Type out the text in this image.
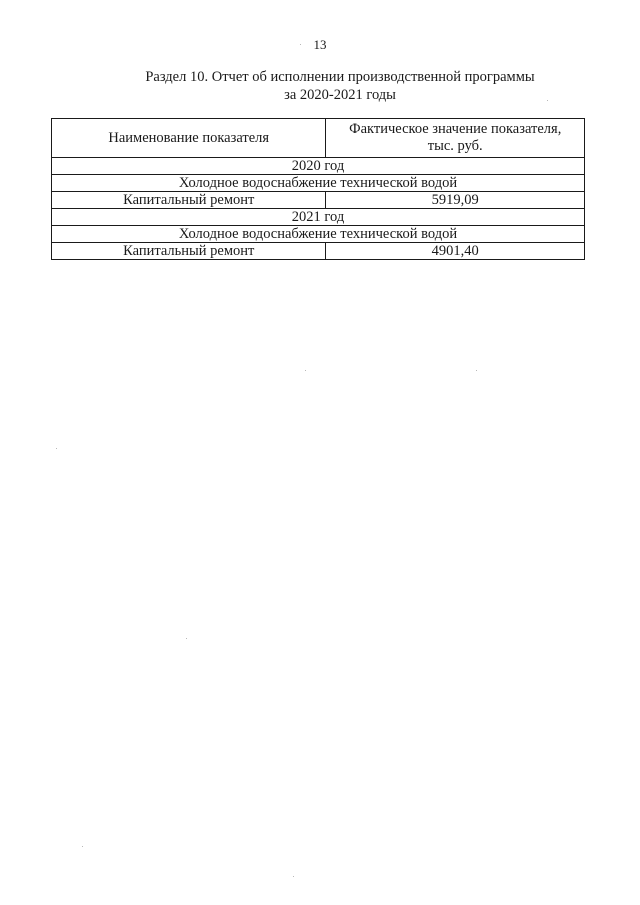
13
Раздел 10. Отчет об исполнении производственной программы
за 2020-2021 годы
Наименование показателя	Фактическое значение показателя,
тыс. руб.

2020 год	
Холодное водоснабжение технической водой	
Капитальный ремонт	5919,09
2021 год	
Холодное водоснабжение технической водой	
Капитальный ремонт	4901,40
